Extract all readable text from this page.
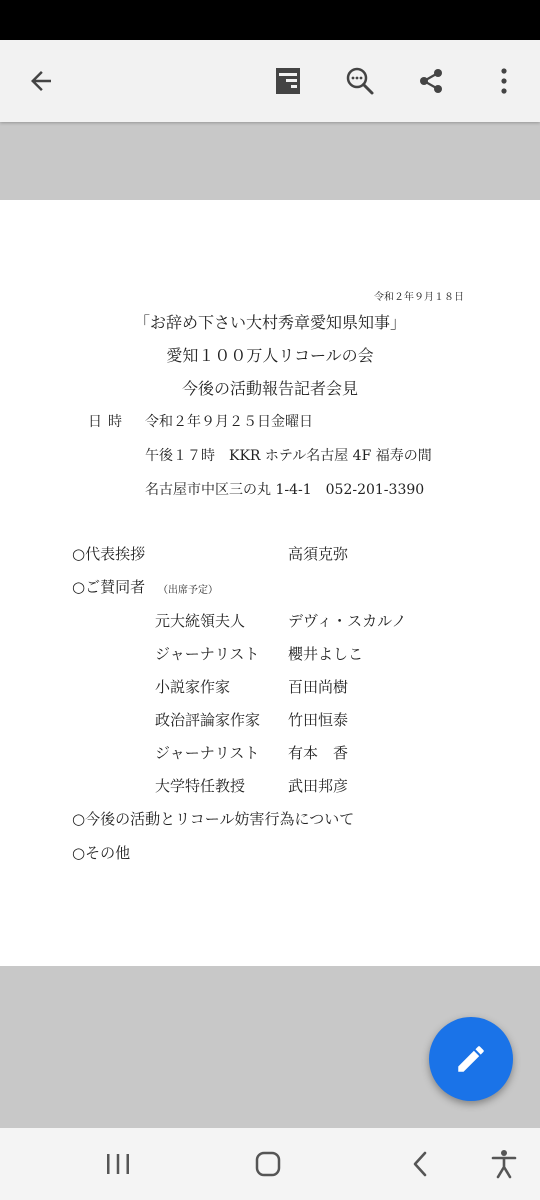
令和２年９月１８日
「お辞め下さい大村秀章愛知県知事」
愛知１００万人リコールの会
今後の活動報告記者会見
日時 令和２年９月２５日金曜日
午後１７時　KKR ホテル名古屋 4F 福寿の間
名古屋市中区三の丸 1-4-1　052-201-3390
○代表挨拶	高須克弥
○ご賛同者 （出席予定）
元大統領夫人	デヴィ・スカルノ
ジャーナリスト 櫻井よしこ
小説家作家	百田尚樹
政治評論家作家 竹田恒泰
ジャーナリスト 有本　香
大学特任教授	武田邦彦
○今後の活動とリコール妨害行為について
○その他
